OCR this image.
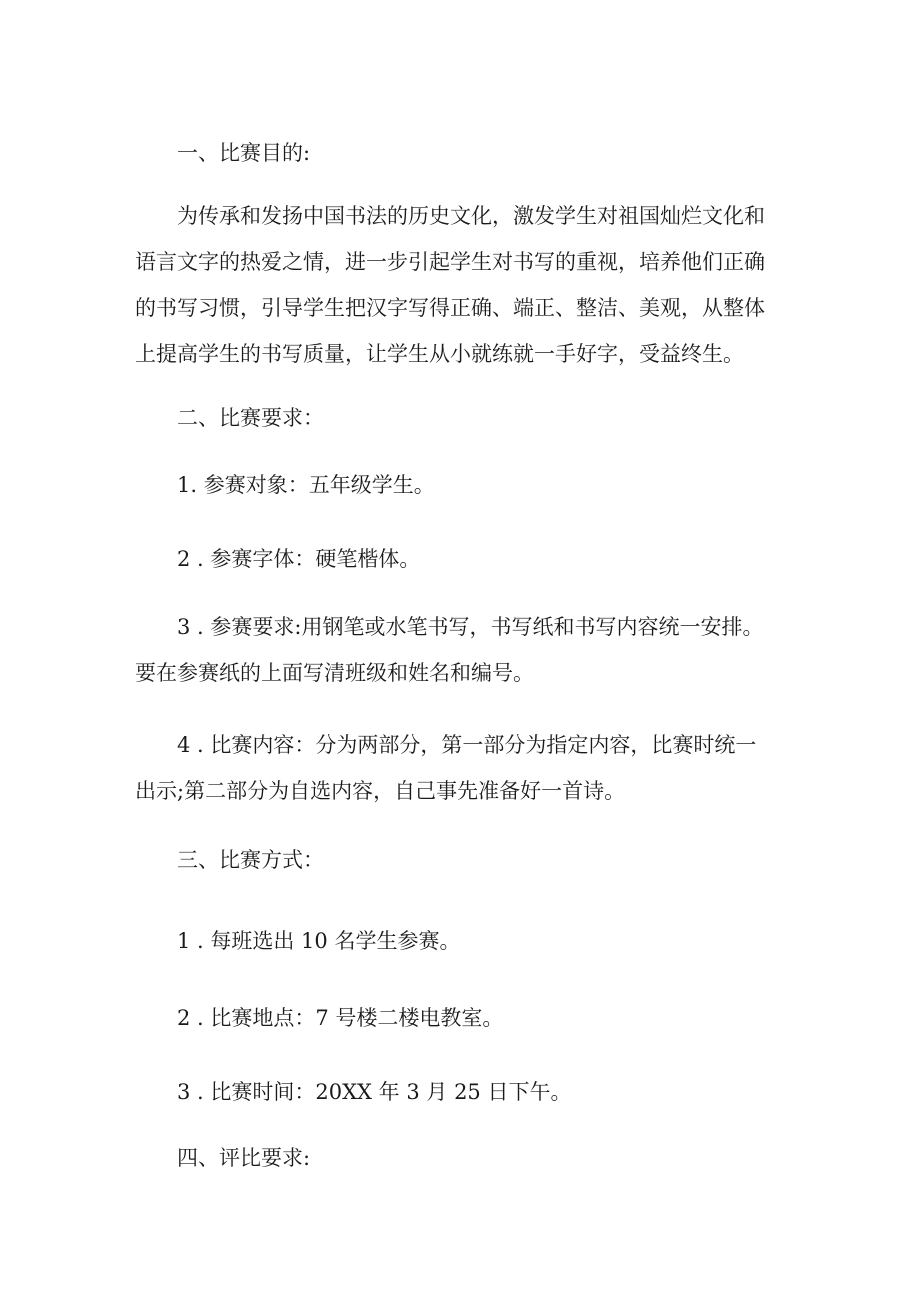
一、比赛目的:

为传承和发扬中国书法的历史文化，激发学生对祖国灿烂文化和语言文字的热爱之情，进一步引起学生对书写的重视，培养他们正确的书写习惯，引导学生把汉字写得正确、端正、整洁、美观，从整体上提高学生的书写质量，让学生从小就练就一手好字，受益终生。

二、比赛要求：

1. 参赛对象：五年级学生。

2 . 参赛字体：硬笔楷体。

3 . 参赛要求:用钢笔或水笔书写，书写纸和书写内容统一安排。要在参赛纸的上面写清班级和姓名和编号。

4 . 比赛内容：分为两部分，第一部分为指定内容，比赛时统一出示;第二部分为自选内容，自己事先准备好一首诗。

三、比赛方式：

1 . 每班选出 10 名学生参赛。

2 . 比赛地点：7 号楼二楼电教室。

3 . 比赛时间：20XX 年 3 月 25 日下午。

四、评比要求:
